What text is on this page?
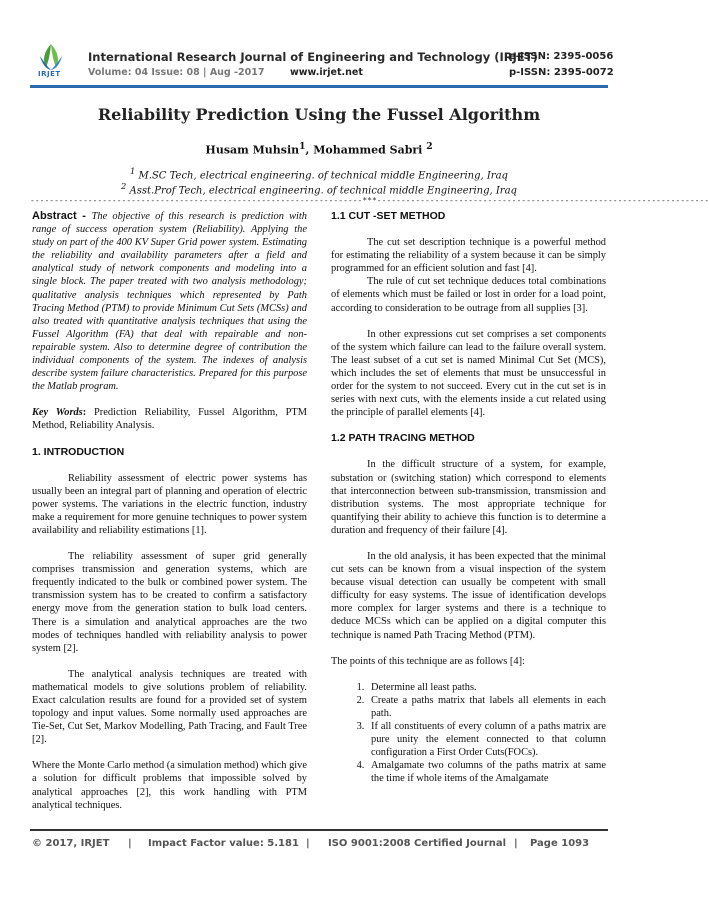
IRJET
International Research Journal of Engineering and Technology (IRJET)
e-ISSN: 2395-0056
Volume: 04 Issue: 08 | Aug -2017	www.irjet.net	p-ISSN: 2395-0072
Reliability Prediction Using the Fussel Algorithm
Husam Muhsin$^1$, Mohammed Sabri $^2$
$^1$ M.SC Tech, electrical engineering. of technical middle Engineering, Iraq
$^2$ Asst.Prof Tech, electrical engineering. of technical middle Engineering, Iraq
---------------------------------------------------------------------***---------------------------------------------------------------------

Abstract - The objective of this research is prediction with range of success operation system (Reliability). Applying the study on part of the 400 KV Super Grid power system. Estimating the reliability and availability parameters after a field and analytical study of network components and modeling into a single block. The paper treated with two analysis methodology; qualitative analysis techniques which represented by Path Tracing Method (PTM) to provide Minimum Cut Sets (MCSs) and also treated with quantitative analysis techniques that using the Fussel Algorithm (FA) that deal with repairable and non-repairable system. Also to determine degree of contribution the individual components of the system. The indexes of analysis describe system failure characteristics. Prepared for this purpose the Matlab program.

Key Words: Prediction Reliability, Fussel Algorithm, PTM Method, Reliability Analysis.

1. INTRODUCTION

Reliability assessment of electric power systems has usually been an integral part of planning and operation of electric power systems. The variations in the electric function, industry make a requirement for more genuine techniques to power system availability and reliability estimations [1].

The reliability assessment of super grid generally comprises transmission and generation systems, which are frequently indicated to the bulk or combined power system. The transmission system has to be created to confirm a satisfactory energy move from the generation station to bulk load centers. There is a simulation and analytical approaches are the two modes of techniques handled with reliability analysis to power system [2].

The analytical analysis techniques are treated with mathematical models to give solutions problem of reliability. Exact calculation results are found for a provided set of system topology and input values. Some normally used approaches are Tie-Set, Cut Set, Markov Modelling, Path Tracing, and Fault Tree [2].

Where the Monte Carlo method (a simulation method) which give a solution for difficult problems that impossible solved by analytical approaches [2], this work handling with PTM analytical techniques.

1.1 CUT -SET METHOD

The cut set description technique is a powerful method for estimating the reliability of a system because it can be simply programmed for an efficient solution and fast [4].

The rule of cut set technique deduces total combinations of elements which must be failed or lost in order for a load point, according to consideration to be outrage from all supplies [3].

In other expressions cut set comprises a set components of the system which failure can lead to the failure overall system. The least subset of a cut set is named Minimal Cut Set (MCS), which includes the set of elements that must be unsuccessful in order for the system to not succeed. Every cut in the cut set is in series with next cuts, with the elements inside a cut related using the principle of parallel elements [4].

1.2 PATH TRACING METHOD

In the difficult structure of a system, for example, substation or (switching station) which correspond to elements that interconnection between sub-transmission, transmission and distribution systems. The most appropriate technique for quantifying their ability to achieve this function is to determine a duration and frequency of their failure [4].

In the old analysis, it has been expected that the minimal cut sets can be known from a visual inspection of the system because visual detection can usually be competent with small difficulty for easy systems. The issue of identification develops more complex for larger systems and there is a technique to deduce MCSs which can be applied on a digital computer this technique is named Path Tracing Method (PTM).

The points of this technique are as follows [4]:

1. Determine all least paths.
2. Create a paths matrix that labels all elements in each path.
3. If all constituents of every column of a paths matrix are pure unity the element connected to that column configuration a First Order Cuts(FOCs).
4. Amalgamate two columns of the paths matrix at same the time if whole items of the Amalgamate
© 2017, IRJET | Impact Factor value: 5.181 | ISO 9001:2008 Certified Journal | Page 1093
